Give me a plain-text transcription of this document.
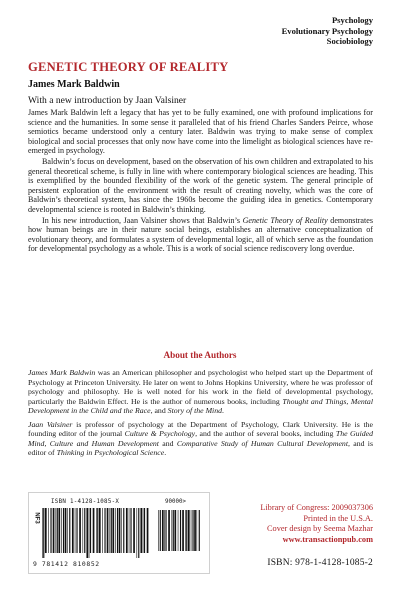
Psychology
Evolutionary Psychology
Sociobiology
GENETIC THEORY OF REALITY
James Mark Baldwin
With a new introduction by Jaan Valsiner

James Mark Baldwin left a legacy that has yet to be fully examined, one with profound implications for science and the humanities. In some sense it paralleled that of his friend Charles Sanders Peirce, whose semiotics became understood only a century later. Baldwin was trying to make sense of complex biological and social processes that only now have come into the limelight as biological sciences have re-emerged in psychology.

Baldwin’s focus on development, based on the observation of his own children and extrapolated to his general theoretical scheme, is fully in line with where contemporary biological sciences are heading. This is exemplified by the bounded flexibility of the work of the genetic system. The general principle of persistent exploration of the environment with the result of creating novelty, which was the core of Baldwin’s theoretical system, has since the 1960s become the guiding idea in genetics. Contemporary developmental science is rooted in Baldwin’s thinking.

In his new introduction, Jaan Valsiner shows that Baldwin’s Genetic Theory of Reality demonstrates how human beings are in their nature social beings, establishes an alternative conceptualization of evolutionary theory, and formulates a system of developmental logic, all of which serve as the foundation for developmental psychology as a whole. This is a work of social science rediscovery long overdue.

About the Authors

James Mark Baldwin was an American philosopher and psychologist who helped start up the Department of Psychology at Princeton University. He later on went to Johns Hopkins University, where he was professor of psychology and philosophy. He is well noted for his work in the field of developmental psychology, particularly the Baldwin Effect. He is the author of numerous books, including Thought and Things, Mental Development in the Child and the Race, and Story of the Mind.

Jaan Valsiner is professor of psychology at the Department of Psychology, Clark University. He is the founding editor of the journal Culture & Psychology, and the author of several books, including The Guided Mind, Culture and Human Development and Comparative Study of Human Cultural Development, and is editor of Thinking in Psychological Science.

ISBN 1-4128-1085-X	90000>
NF3
9 781412 810852
Library of Congress: 2009037306
Printed in the U.S.A.
Cover design by Seema Mazhar
www.transactionpub.com
ISBN: 978-1-4128-1085-2
